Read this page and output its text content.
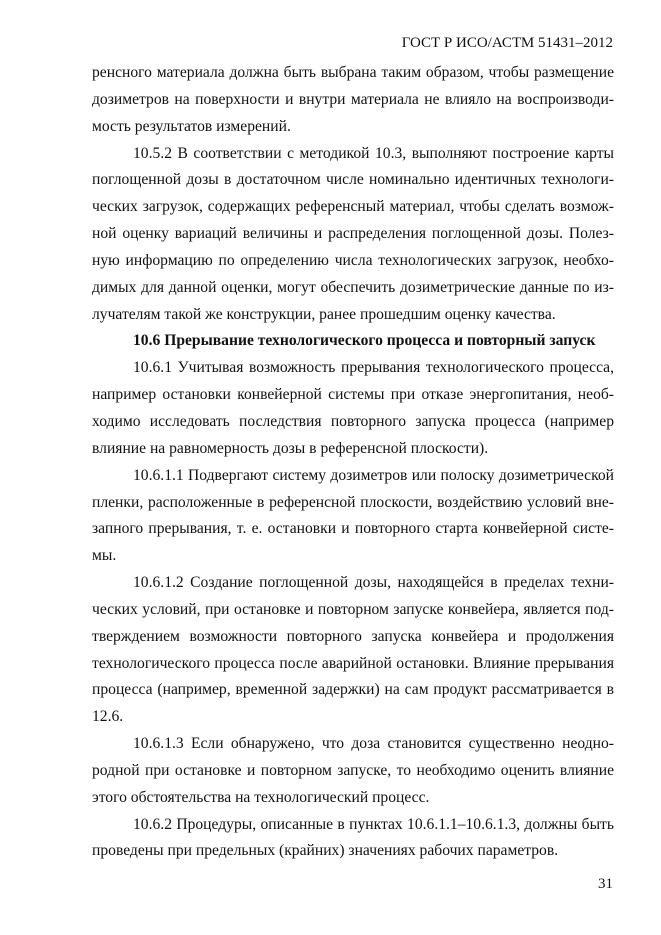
ГОСТ Р ИСО/АСТМ 51431–2012
ренсного материала должна быть выбрана таким образом, чтобы размещение
дозиметров на поверхности и внутри материала не влияло на воспроизводи-
мость результатов измерений.
10.5.2 В соответствии с методикой 10.3, выполняют построение карты
поглощенной дозы в достаточном числе номинально идентичных технологи-
ческих загрузок, содержащих референсный материал, чтобы сделать возмож-
ной оценку вариаций величины и распределения поглощенной дозы. Полез-
ную информацию по определению числа технологических загрузок, необхо-
димых для данной оценки, могут обеспечить дозиметрические данные по из-
лучателям такой же конструкции, ранее прошедшим оценку качества.
10.6 Прерывание технологического процесса и повторный запуск
10.6.1 Учитывая возможность прерывания технологического процесса,
например остановки конвейерной системы при отказе энергопитания, необ-
ходимо исследовать последствия повторного запуска процесса (например
влияние на равномерность дозы в референсной плоскости).
10.6.1.1 Подвергают систему дозиметров или полоску дозиметрической
пленки, расположенные в референсной плоскости, воздействию условий вне-
запного прерывания, т. е. остановки и повторного старта конвейерной систе-
мы.
10.6.1.2 Создание поглощенной дозы, находящейся в пределах техни-
ческих условий, при остановке и повторном запуске конвейера, является под-
тверждением возможности повторного запуска конвейера и продолжения
технологического процесса после аварийной остановки. Влияние прерывания
процесса (например, временной задержки) на сам продукт рассматривается в
12.6.
10.6.1.3 Если обнаружено, что доза становится существенно неодно-
родной при остановке и повторном запуске, то необходимо оценить влияние
этого обстоятельства на технологический процесс.
10.6.2 Процедуры, описанные в пунктах 10.6.1.1–10.6.1.3, должны быть
проведены при предельных (крайних) значениях рабочих параметров.
31
